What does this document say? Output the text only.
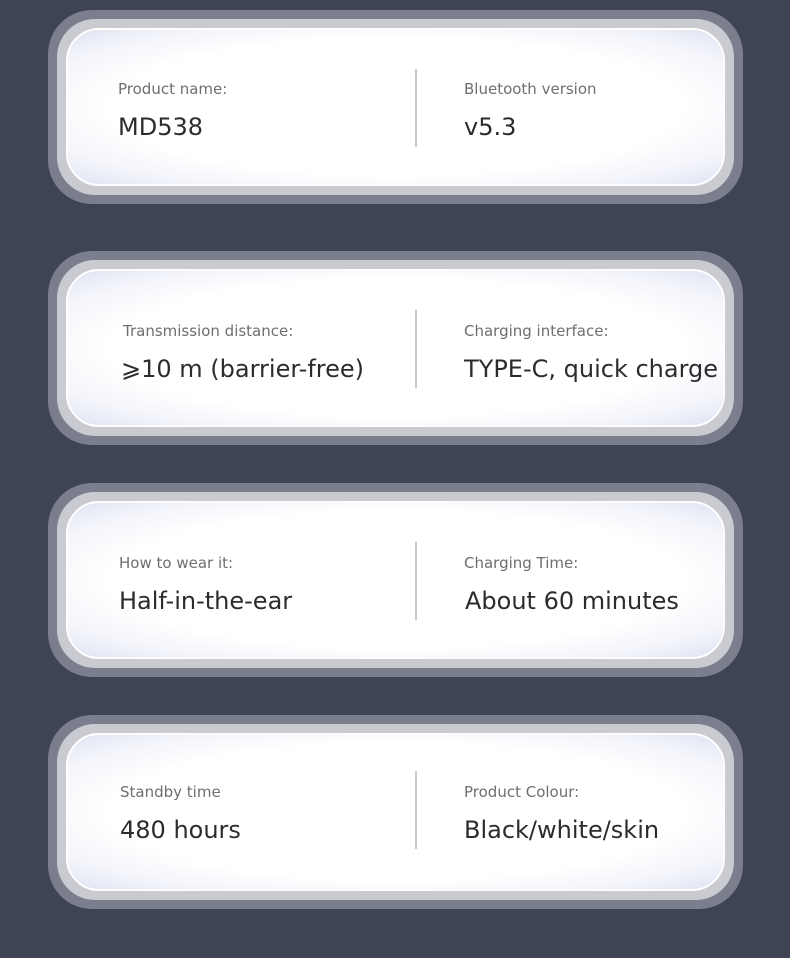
Product name:
MD538
Bluetooth version
v5.3
Transmission distance:
⩾10 m (barrier-free)
Charging interface:
TYPE-C, quick charge
How to wear it:
Half-in-the-ear
Charging Time:
About 60 minutes
Standby time
480 hours
Product Colour:
Black/white/skin
